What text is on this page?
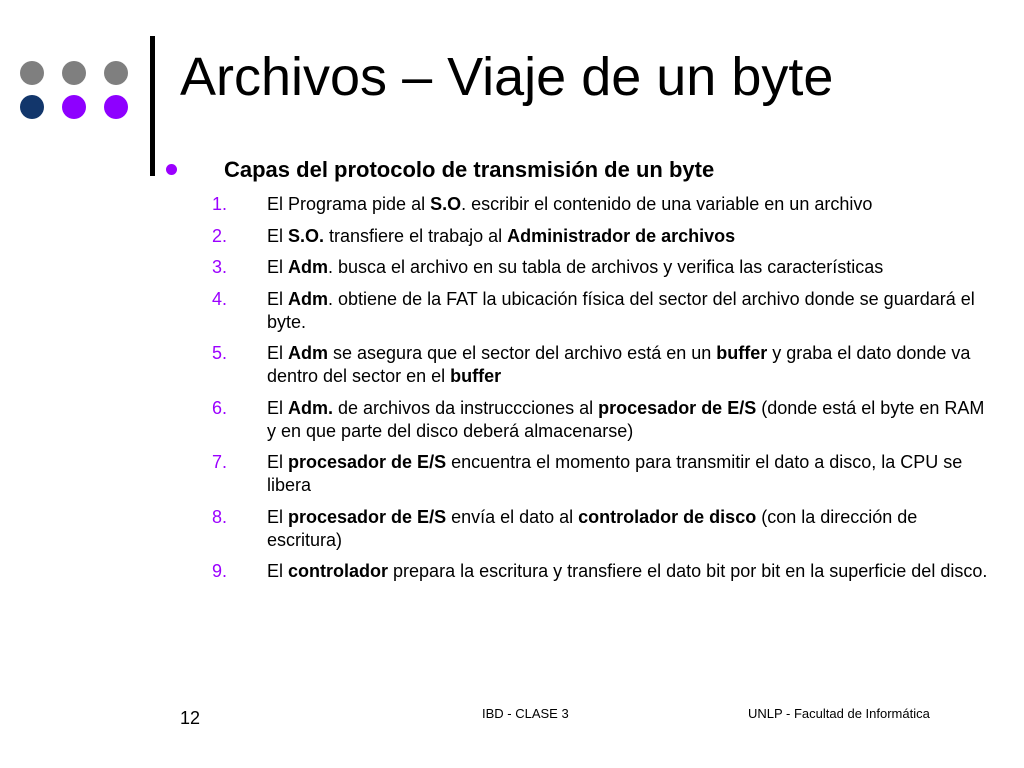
Archivos – Viaje de un byte
Capas del protocolo de transmisión de un byte
1. El Programa pide al S.O. escribir el contenido de una variable en un archivo
2. El S.O. transfiere el trabajo al Administrador de archivos
3. El Adm. busca el archivo en su tabla de archivos y verifica las características
4. El Adm. obtiene de la FAT la ubicación física del sector del archivo donde se guardará el byte.
5. El Adm se asegura que el sector del archivo está en un buffer y graba el dato donde va dentro del sector en el buffer
6. El Adm. de archivos da instruccciones al procesador de E/S (donde está el byte en RAM y en que parte del disco deberá almacenarse)
7. El procesador de E/S encuentra el momento para transmitir el dato a disco, la CPU se libera
8. El procesador de E/S envía el dato al controlador de disco (con la dirección de escritura)
9. El controlador prepara la escritura y transfiere el dato bit por bit en la superficie del disco.
12	IBD - CLASE 3	UNLP - Facultad de Informática
